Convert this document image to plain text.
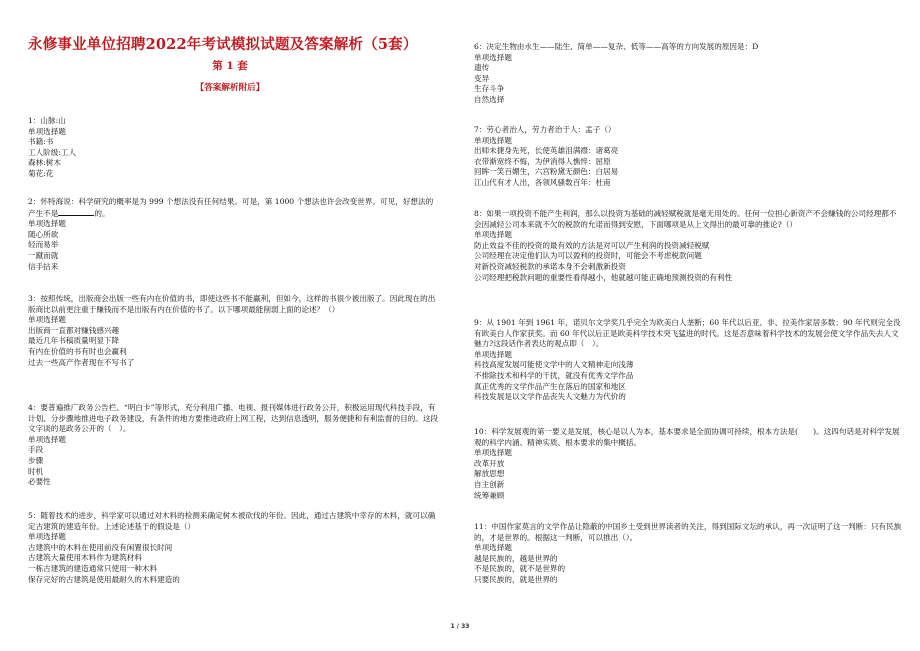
永修事业单位招聘2022年考试模拟试题及答案解析（5套）
第 1 套
【答案解析附后】
1：山脉:山
单项选择题
书籍:书
工人阶级:工人
森林:树木
菊花:花
2：怀特海说：科学研究的概率是为 999 个想法没有任何结果。可是，第 1000 个想法也许会改变世界。可见，好想法的产生不是	的。
单项选择题
随心所欲
轻而易举
一蹴而就
信手拈来
3：按照传统，出版商会出版一些有内在价值的书，即使这些书不能赢利，但如今，这样的书很少被出版了。因此现在的出版商比以前更注重于赚钱而不是出版有内在价值的书了。以下哪项最能削弱上面的论述？（）
单项选择题
出版商一直都对赚钱感兴趣
最近几年书稿质量明显下降
有内在价值的书有时也会赢利
过去一些高产作者现在不写书了
4：要普遍推广政务公告栏、“明白卡”等形式，充分利用广播、电视、报刊媒体进行政务公开，积极运用现代科技手段，有计划、分步骤地推进电子政务建设，有条件的地方要推进政府上网工程，达到信息透明，服务便捷和有利监督的目的。这段文字谈的是政务公开的（　）。
单项选择题
手段
步骤
时机
必要性
5：随着技术的进步，科学家可以通过对木料的检测来确定树木被砍伐的年份。因此，通过古建筑中幸存的木料，就可以确定古建筑的建造年份。上述论述基于的假设是（）
单项选择题
古建筑中的木料在使用前没有闲置很长时间
古建筑大量使用木料作为建筑材料
一栋古建筑的建造通常只使用一种木料
保存完好的古建筑是使用最耐久的木料建造的
6：决定生物由水生——陆生、简单——复杂、低等——高等的方向发展的原因是：D
单项选择题
遗传
变异
生存斗争
自然选择
7：劳心者治人，劳力者治于人：孟子（）
单项选择题
出师未捷身先死，长使英雄泪满襟：诸葛亮
衣带渐宽终不悔，为伊消得人憔悴：屈原
回眸一笑百媚生，六宫粉黛无颜色：白居易
江山代有才人出，各领风骚数百年：杜甫
8：如果一项投资不能产生利润，那么以投资为基础的减轻赋税就是毫无用处的。任何一位担心新资产不会赚钱的公司经理都不会因减轻公司本来就不欠的税款的允诺而得到安慰，下面哪项是从上文得出的最可靠的推论?（）
单项选择题
防止效益不佳的投资的最有效的方法是对可以产生利润的投资减轻税赋
公司经理在决定他们认为可以盈利的投资时，可能会不考虑税款问题
对新投资减轻税款的承诺本身不会刺激新投资
公司经理把税款问题的重要性看得越小，他就越可能正确地预测投资的有利性
9：从 1901 年到 1961 年，诺贝尔文学奖几乎完全为欧美白人垄断；60 年代以后亚、非、拉美作家居多数；90 年代则完全没有欧美白人作家获奖。而 60 年代以后正是欧美科学技术突飞猛进的时代。这是否意味着科学技术的发展会使文学作品失去人文魅力?这段话作者表达的观点即（　）。
单项选择题
科技高度发展可能使文学中的人文精神走向浅薄
不排除技术和科学的干扰，就没有优秀文学作品
真正优秀的文学作品产生在落后的国家和地区
科技发展是以文学作品丧失人文魅力为代价的
10：科学发展观的第一要义是发展，核心是以人为本，基本要求是全面协调可持续，根本方法是(　　)。这四句话是对科学发展观的科学内涵、精神实质、根本要求的集中概括。
单项选择题
改革开放
解放思想
自主创新
统筹兼顾
11：中国作家莫言的文学作品让隐蔽的中国乡土受到世界读者的关注，得到国际文坛的承认，再一次证明了这一判断：只有民族的，才是世界的。根据这一判断，可以推出（）。
单项选择题
越是民族的，越是世界的
不是民族的，就不是世界的
只要民族的，就是世界的
1 / 33
